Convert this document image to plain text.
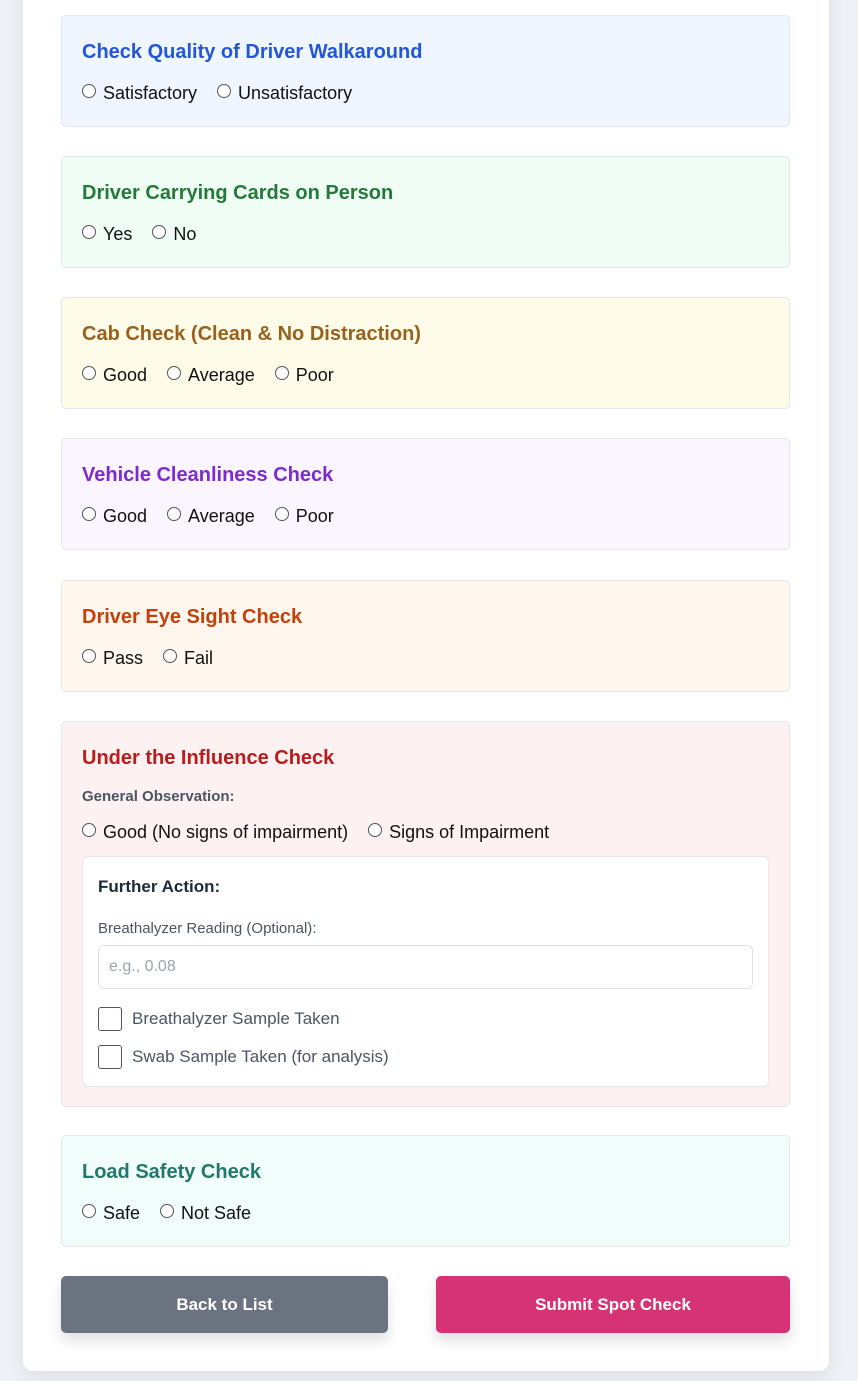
Check Quality of Driver Walkaround
Satisfactory Unsatisfactory
Driver Carrying Cards on Person
Yes No
Cab Check (Clean & No Distraction)
Good Average Poor
Vehicle Cleanliness Check
Good Average Poor
Driver Eye Sight Check
Pass Fail
Under the Influence Check
General Observation:
Good (No signs of impairment) Signs of Impairment
Further Action:
Breathalyzer Reading (Optional):
e.g., 0.08
Breathalyzer Sample Taken
Swab Sample Taken (for analysis)
Load Safety Check
Safe Not Safe
Back to List	Submit Spot Check
